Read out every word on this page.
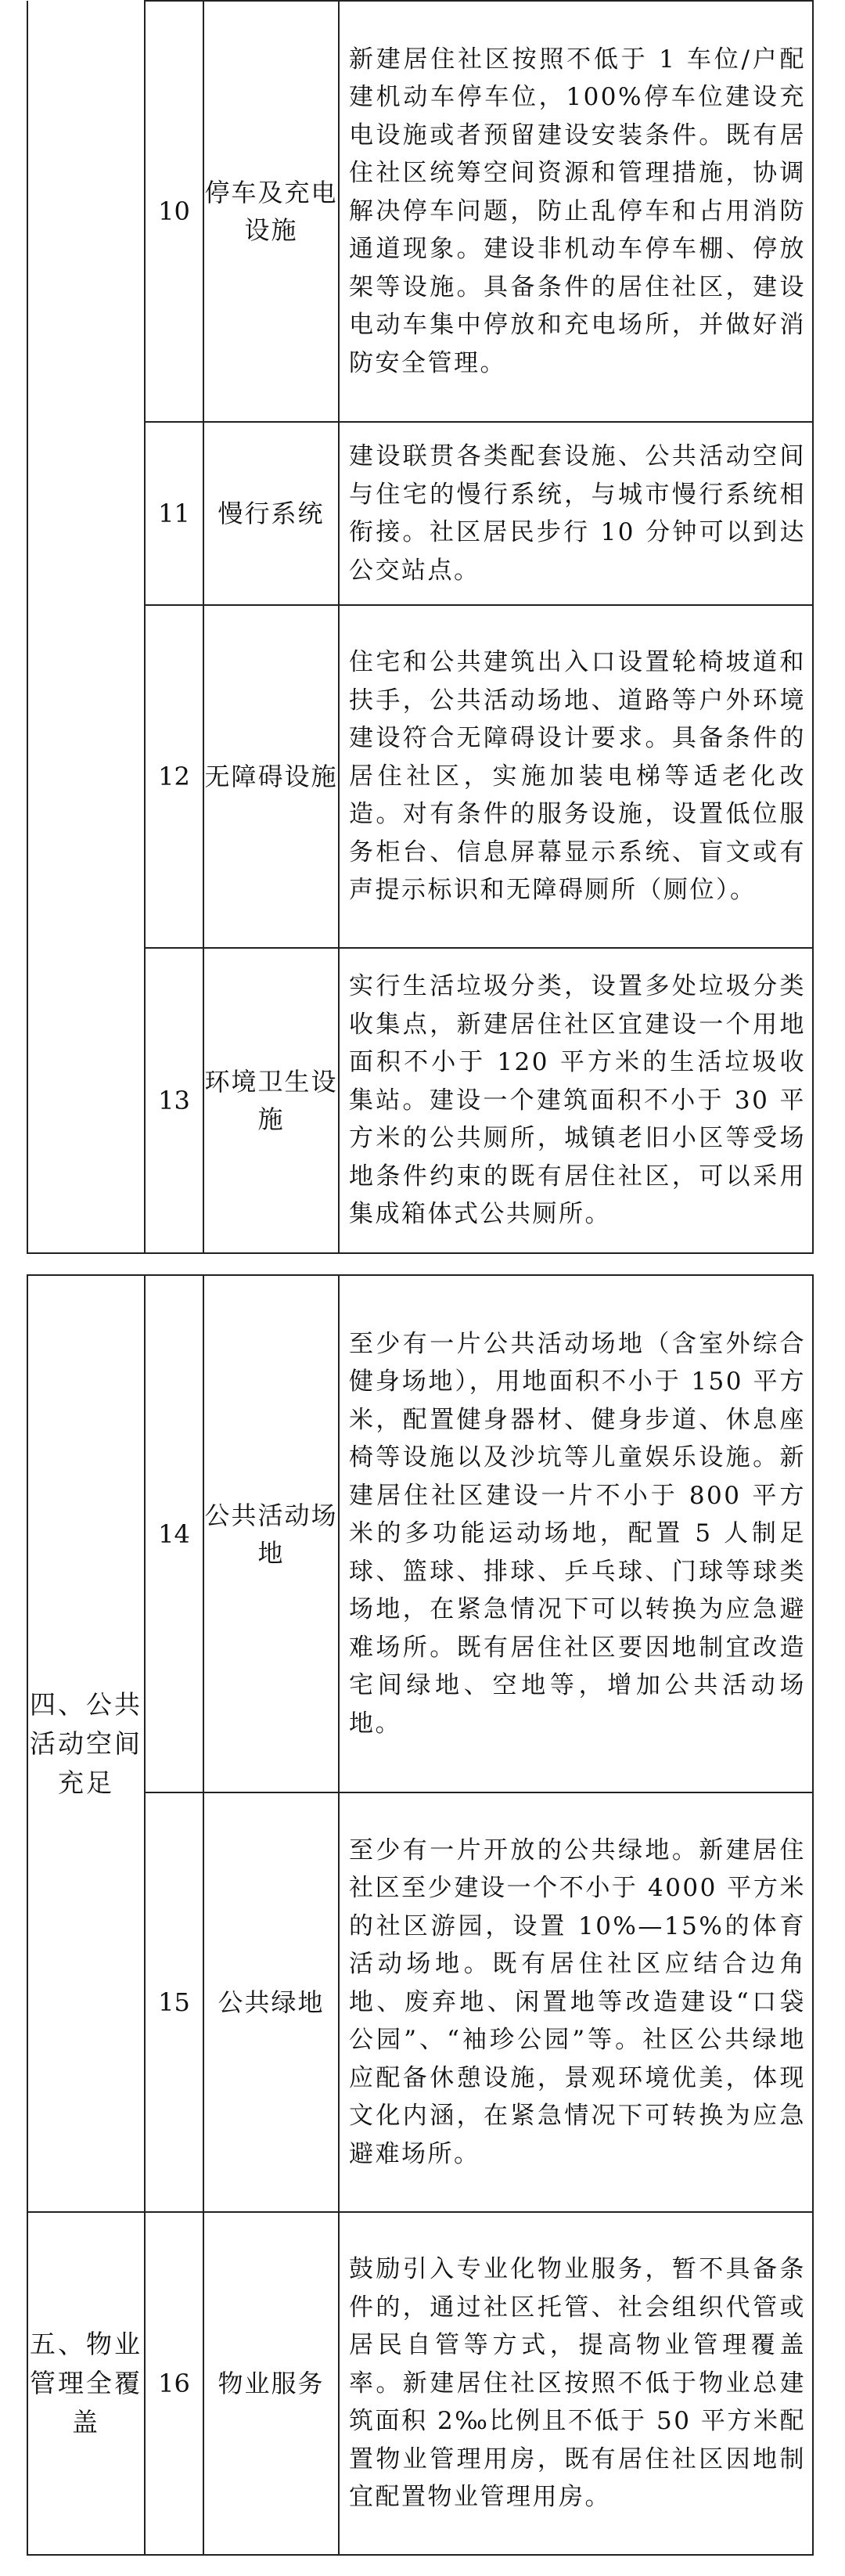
	10	停车及充电设施	新建居住社区按照不低于 1 车位/户配建机动车停车位，100%停车位建设充电设施或者预留建设安装条件。既有居住社区统筹空间资源和管理措施，协调解决停车问题，防止乱停车和占用消防通道现象。建设非机动车停车棚、停放架等设施。具备条件的居住社区，建设电动车集中停放和充电场所，并做好消防安全管理。
	11	慢行系统	建设联贯各类配套设施、公共活动空间与住宅的慢行系统，与城市慢行系统相衔接。社区居民步行 10 分钟可以到达公交站点。
	12	无障碍设施	住宅和公共建筑出入口设置轮椅坡道和扶手，公共活动场地、道路等户外环境建设符合无障碍设计要求。具备条件的居住社区，实施加装电梯等适老化改造。对有条件的服务设施，设置低位服务柜台、信息屏幕显示系统、盲文或有声提示标识和无障碍厕所（厕位）。
	13	环境卫生设施	实行生活垃圾分类，设置多处垃圾分类收集点，新建居住社区宜建设一个用地面积不小于 120 平方米的生活垃圾收集站。建设一个建筑面积不小于 30 平方米的公共厕所，城镇老旧小区等受场地条件约束的既有居住社区，可以采用集成箱体式公共厕所。
四、公共活动空间充足	14	公共活动场地	至少有一片公共活动场地（含室外综合健身场地），用地面积不小于 150 平方米，配置健身器材、健身步道、休息座椅等设施以及沙坑等儿童娱乐设施。新建居住社区建设一片不小于 800 平方米的多功能运动场地，配置 5 人制足球、篮球、排球、乒乓球、门球等球类场地，在紧急情况下可以转换为应急避难场所。既有居住社区要因地制宜改造宅间绿地、空地等，增加公共活动场地。
	15	公共绿地	至少有一片开放的公共绿地。新建居住社区至少建设一个不小于 4000 平方米的社区游园，设置 10%—15%的体育活动场地。既有居住社区应结合边角地、废弃地、闲置地等改造建设“口袋公园”、“袖珍公园”等。社区公共绿地应配备休憩设施，景观环境优美，体现文化内涵，在紧急情况下可转换为应急避难场所。
五、物业管理全覆盖	16	物业服务	鼓励引入专业化物业服务，暂不具备条件的，通过社区托管、社会组织代管或居民自管等方式，提高物业管理覆盖率。新建居住社区按照不低于物业总建筑面积 2‰比例且不低于 50 平方米配置物业管理用房，既有居住社区因地制宜配置物业管理用房。
